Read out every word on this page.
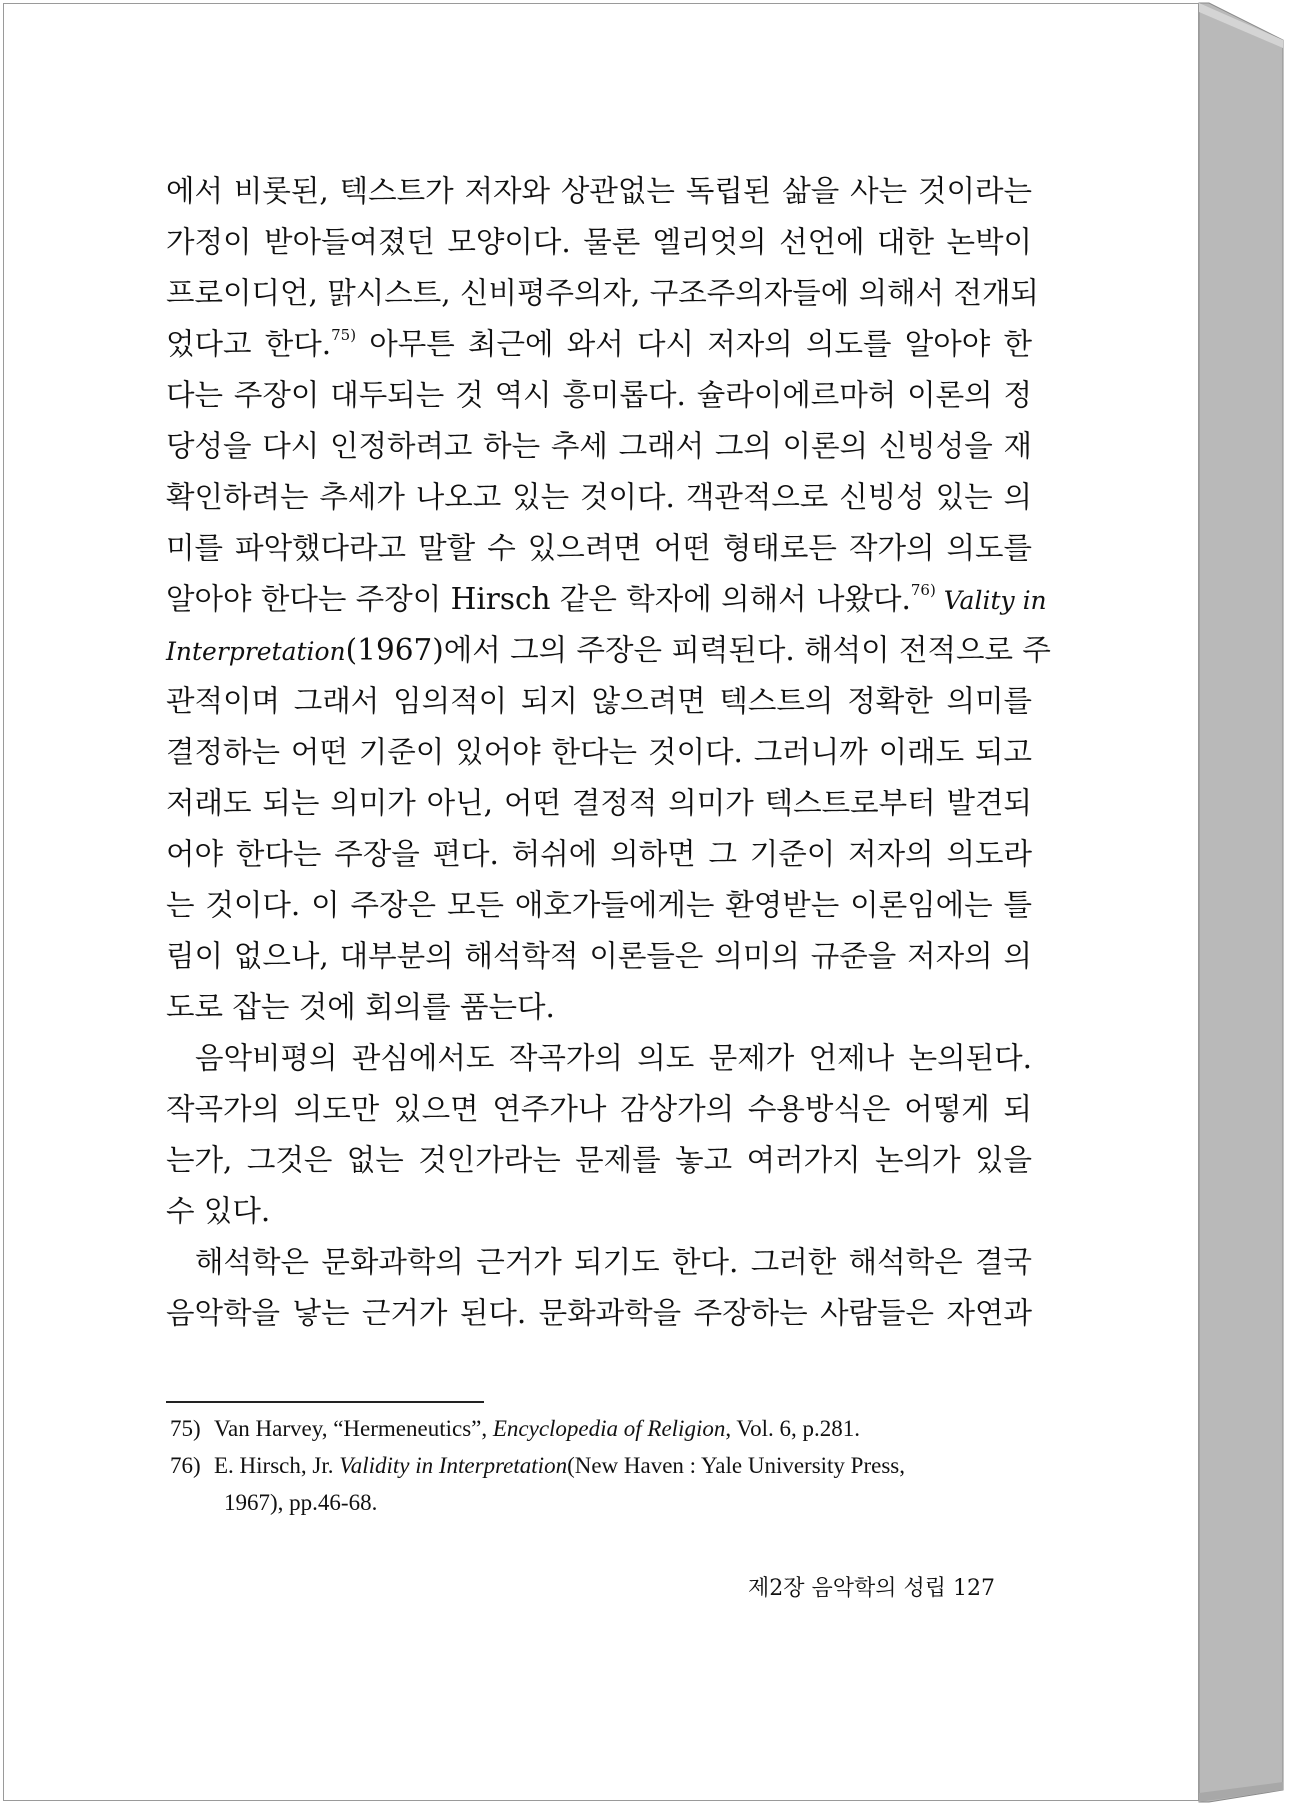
에서 비롯된, 텍스트가 저자와 상관없는 독립된 삶을 사는 것이라는
가정이 받아들여졌던 모양이다. 물론 엘리엇의 선언에 대한 논박이
프로이디언, 맑시스트, 신비평주의자, 구조주의자들에 의해서 전개되
었다고 한다.$^{75)}$ 아무튼 최근에 와서 다시 저자의 의도를 알아야 한
다는 주장이 대두되는 것 역시 흥미롭다. 슐라이에르마허 이론의 정
당성을 다시 인정하려고 하는 추세 그래서 그의 이론의 신빙성을 재
확인하려는 추세가 나오고 있는 것이다. 객관적으로 신빙성 있는 의
미를 파악했다라고 말할 수 있으려면 어떤 형태로든 작가의 의도를
알아야 한다는 주장이 Hirsch 같은 학자에 의해서 나왔다.$^{76)}$ Vality in
Interpretation(1967)에서 그의 주장은 피력된다. 해석이 전적으로 주
관적이며 그래서 임의적이 되지 않으려면 텍스트의 정확한 의미를
결정하는 어떤 기준이 있어야 한다는 것이다. 그러니까 이래도 되고
저래도 되는 의미가 아닌, 어떤 결정적 의미가 텍스트로부터 발견되
어야 한다는 주장을 편다. 허쉬에 의하면 그 기준이 저자의 의도라
는 것이다. 이 주장은 모든 애호가들에게는 환영받는 이론임에는 틀
림이 없으나, 대부분의 해석학적 이론들은 의미의 규준을 저자의 의
도로 잡는 것에 회의를 품는다.
음악비평의 관심에서도 작곡가의 의도 문제가 언제나 논의된다.
작곡가의 의도만 있으면 연주가나 감상가의 수용방식은 어떻게 되
는가, 그것은 없는 것인가라는 문제를 놓고 여러가지 논의가 있을
수 있다.
해석학은 문화과학의 근거가 되기도 한다. 그러한 해석학은 결국
음악학을 낳는 근거가 된다. 문화과학을 주장하는 사람들은 자연과
75) Van Harvey, “Hermeneutics”, Encyclopedia of Religion, Vol. 6, p.281.
76) E. Hirsch, Jr. Validity in Interpretation(New Haven : Yale University Press,
1967), pp.46-68.
제2장 음악학의 성립 127
